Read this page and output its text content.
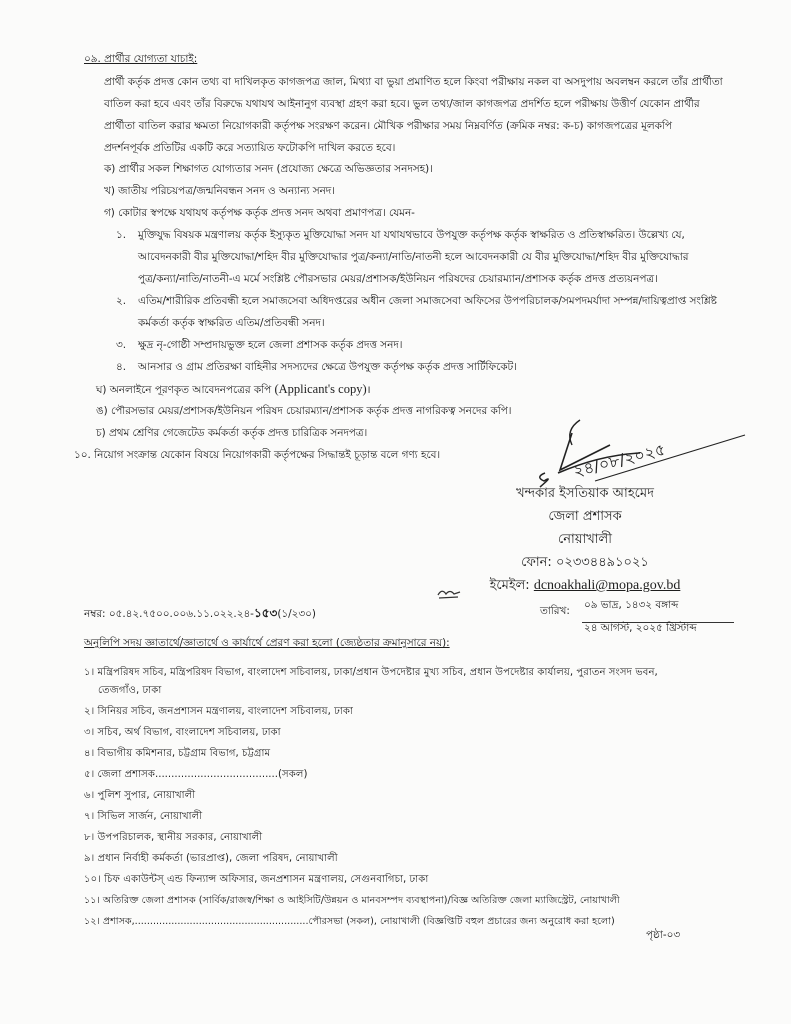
০৯. প্রার্থীর যোগ্যতা যাচাই:
প্রার্থী কর্তৃক প্রদত্ত কোন তথ্য বা দাখিলকৃত কাগজপত্র জাল, মিথ্যা বা ভুয়া প্রমাণিত হলে কিংবা পরীক্ষায় নকল বা অসদুপায় অবলম্বন করলে তাঁর প্রার্থীতা
বাতিল করা হবে এবং তাঁর বিরুদ্ধে যথাযথ আইনানুগ ব্যবস্থা গ্রহণ করা হবে। ভুল তথ্য/জাল কাগজপত্র প্রদর্শিত হলে পরীক্ষায় উত্তীর্ণ যেকোন প্রার্থীর
প্রার্থীতা বাতিল করার ক্ষমতা নিয়োগকারী কর্তৃপক্ষ সংরক্ষণ করেন। মৌখিক পরীক্ষার সময় নিম্নবর্ণিত (ক্রমিক নম্বর: ক-চ) কাগজপত্রের মূলকপি
প্রদর্শনপূর্বক প্রতিটির একটি করে সত্যায়িত ফটোকপি দাখিল করতে হবে।
ক) প্রার্থীর সকল শিক্ষাগত যোগ্যতার সনদ (প্রযোজ্য ক্ষেত্রে অভিজ্ঞতার সনদসহ)।
খ) জাতীয় পরিচয়পত্র/জন্মনিবন্ধন সনদ ও অন্যান্য সনদ।
গ) কোটার স্বপক্ষে যথাযথ কর্তৃপক্ষ কর্তৃক প্রদত্ত সনদ অথবা প্রমাণপত্র। যেমন-
১. মুক্তিযুদ্ধ বিষয়ক মন্ত্রণালয় কর্তৃক ইস্যুকৃত মুক্তিযোদ্ধা সনদ যা যথাযথভাবে উপযুক্ত কর্তৃপক্ষ কর্তৃক স্বাক্ষরিত ও প্রতিস্বাক্ষরিত। উল্লেখ্য যে,
আবেদনকারী বীর মুক্তিযোদ্ধা/শহিদ বীর মুক্তিযোদ্ধার পুত্র/কন্যা/নাতি/নাতনী হলে আবেদনকারী যে বীর মুক্তিযোদ্ধা/শহিদ বীর মুক্তিযোদ্ধার
পুত্র/কন্যা/নাতি/নাতনী-এ মর্মে সংশ্লিষ্ট পৌরসভার মেয়র/প্রশাসক/ইউনিয়ন পরিষদের চেয়ারম্যান/প্রশাসক কর্তৃক প্রদত্ত প্রত্যয়নপত্র।
২. এতিম/শারীরিক প্রতিবন্ধী হলে সমাজসেবা অধিদপ্তরের অধীন জেলা সমাজসেবা অফিসের উপপরিচালক/সমপদমর্যাদা সম্পন্ন/দায়িত্বপ্রাপ্ত সংশ্লিষ্ট
কর্মকর্তা কর্তৃক স্বাক্ষরিত এতিম/প্রতিবন্ধী সনদ।
৩. ক্ষুদ্র নৃ-গোষ্ঠী সম্প্রদায়ভুক্ত হলে জেলা প্রশাসক কর্তৃক প্রদত্ত সনদ।
৪. আনসার ও গ্রাম প্রতিরক্ষা বাহিনীর সদস্যদের ক্ষেত্রে উপযুক্ত কর্তৃপক্ষ কর্তৃক প্রদত্ত সার্টিফিকেট।
ঘ) অনলাইনে পূরণকৃত আবেদনপত্রের কপি (Applicant's copy)।
ঙ) পৌরসভার মেয়র/প্রশাসক/ইউনিয়ন পরিষদ চেয়ারম্যান/প্রশাসক কর্তৃক প্রদত্ত নাগরিকত্ব সনদের কপি।
চ) প্রথম শ্রেণির গেজেটেড কর্মকর্তা কর্তৃক প্রদত্ত চারিত্রিক সনদপত্র।
১০. নিয়োগ সংক্রান্ত যেকোন বিষয়ে নিয়োগকারী কর্তৃপক্ষের সিদ্ধান্তই চূড়ান্ত বলে গণ্য হবে।	২৪/০৮/২০২৫
খন্দকার ইসতিয়াক আহমেদ
জেলা প্রশাসক
নোয়াখালী
ফোন: ০২৩৩৪৪৯১০২১
ইমেইল: dcnoakhali@mopa.gov.bd
নম্বর: ০৫.৪২.৭৫০০.০০৬.১১.০২২.২৪-১৫৩(১/২৩০)	তারিখ: ০৯ ভাদ্র, ১৪৩২ বঙ্গাব্দ
২৪ আগস্ট, ২০২৫ খ্রিস্টাব্দ
অনুলিপি সদয় জ্ঞাতার্থে/জ্ঞাতার্থে ও কার্যার্থে প্রেরণ করা হলো (জ্যেষ্ঠতার ক্রমানুসারে নয়):
১। মন্ত্রিপরিষদ সচিব, মন্ত্রিপরিষদ বিভাগ, বাংলাদেশ সচিবালয়, ঢাকা/প্রধান উপদেষ্টার মুখ্য সচিব, প্রধান উপদেষ্টার কার্যালয়, পুরাতন সংসদ ভবন,
তেজগাঁও, ঢাকা
২। সিনিয়র সচিব, জনপ্রশাসন মন্ত্রণালয়, বাংলাদেশ সচিবালয়, ঢাকা
৩। সচিব, অর্থ বিভাগ, বাংলাদেশ সচিবালয়, ঢাকা
৪। বিভাগীয় কমিশনার, চট্টগ্রাম বিভাগ, চট্টগ্রাম
৫। জেলা প্রশাসক......................................(সকল)
৬। পুলিশ সুপার, নোয়াখালী
৭। সিভিল সার্জন, নোয়াখালী
৮। উপপরিচালক, স্থানীয় সরকার, নোয়াখালী
৯। প্রধান নির্বাহী কর্মকর্তা (ভারপ্রাপ্ত), জেলা পরিষদ, নোয়াখালী
১০। চিফ একাউন্টস্ এন্ড ফিন্যান্স অফিসার, জনপ্রশাসন মন্ত্রণালয়, সেগুনবাগিচা, ঢাকা
১১। অতিরিক্ত জেলা প্রশাসক (সার্বিক/রাজস্ব/শিক্ষা ও আইসিটি/উন্নয়ন ও মানবসম্পদ ব্যবস্থাপনা)/বিজ্ঞ অতিরিক্ত জেলা ম্যাজিস্ট্রেট, নোয়াখালী
১২। প্রশাসক,.........................................................পৌরসভা (সকল), নোয়াখালী (বিজ্ঞপ্তিটি বহুল প্রচারের জন্য অনুরোধ করা হলো)
পৃষ্ঠা-০৩
